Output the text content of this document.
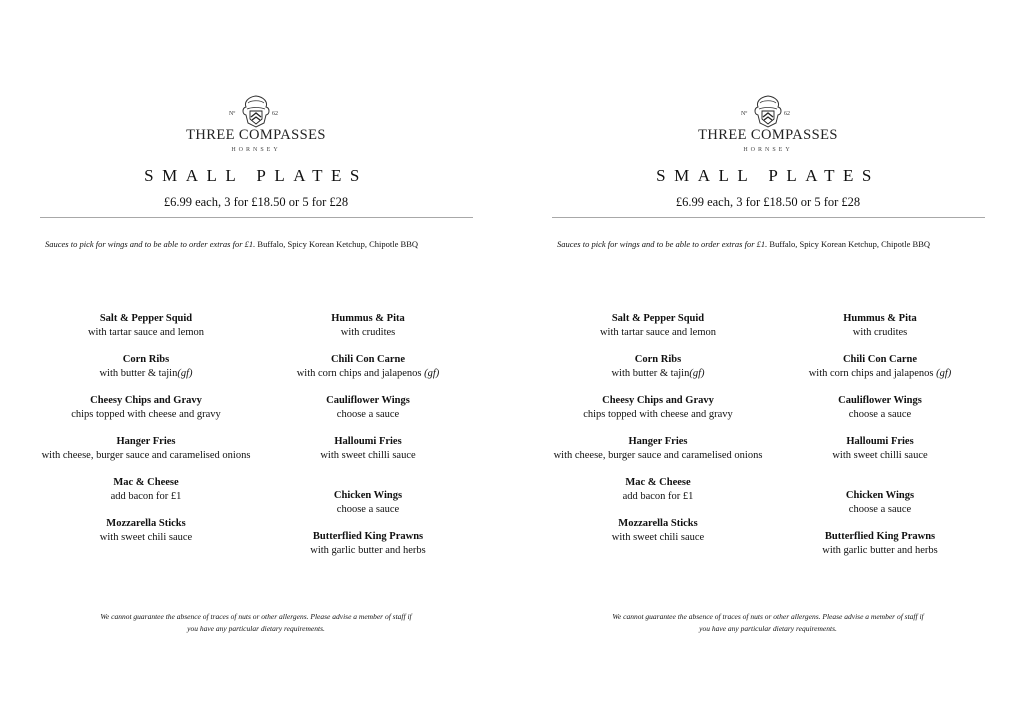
Nº	62
THREE COMPASSES
HORNSEY
SMALL PLATES
£6.99 each, 3 for £18.50 or 5 for £28
Sauces to pick for wings and to be able to order extras for £1. Buffalo, Spicy Korean Ketchup, Chipotle BBQ
Salt & Pepper Squid
with tartar sauce and lemon
Corn Ribs
with butter & tajin(gf)
Cheesy Chips and Gravy
chips topped with cheese and gravy
Hanger Fries
with cheese, burger sauce and caramelised onions
Mac & Cheese
add bacon for £1
Mozzarella Sticks
with sweet chili sauce
Hummus & Pita
with crudites
Chili Con Carne
with corn chips and jalapenos (gf)
Cauliflower Wings
choose a sauce
Halloumi Fries
with sweet chilli sauce
Chicken Wings
choose a sauce
Butterflied King Prawns
with garlic butter and herbs
We cannot guarantee the absence of traces of nuts or other allergens. Please advise a member of staff if you have any particular dietary requirements.
Nº	62
THREE COMPASSES
HORNSEY
SMALL PLATES
£6.99 each, 3 for £18.50 or 5 for £28
Sauces to pick for wings and to be able to order extras for £1. Buffalo, Spicy Korean Ketchup, Chipotle BBQ
Salt & Pepper Squid
with tartar sauce and lemon
Corn Ribs
with butter & tajin(gf)
Cheesy Chips and Gravy
chips topped with cheese and gravy
Hanger Fries
with cheese, burger sauce and caramelised onions
Mac & Cheese
add bacon for £1
Mozzarella Sticks
with sweet chili sauce
Hummus & Pita
with crudites
Chili Con Carne
with corn chips and jalapenos (gf)
Cauliflower Wings
choose a sauce
Halloumi Fries
with sweet chilli sauce
Chicken Wings
choose a sauce
Butterflied King Prawns
with garlic butter and herbs
We cannot guarantee the absence of traces of nuts or other allergens. Please advise a member of staff if you have any particular dietary requirements.
